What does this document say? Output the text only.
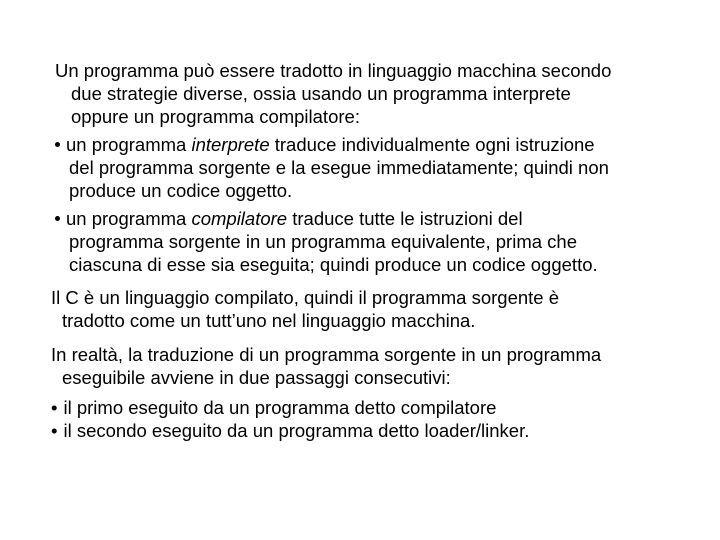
Un programma può essere tradotto in linguaggio macchina secondo
due strategie diverse, ossia usando un programma interprete
oppure un programma compilatore:

un programma interprete traduce individualmente ogni istruzione
del programma sorgente e la esegue immediatamente; quindi non
produce un codice oggetto.

un programma compilatore traduce tutte le istruzioni del
programma sorgente in un programma equivalente, prima che
ciascuna di esse sia eseguita; quindi produce un codice oggetto.

Il C è un linguaggio compilato, quindi il programma sorgente è
tradotto come un tutt’uno nel linguaggio macchina.

In realtà, la traduzione di un programma sorgente in un programma
eseguibile avviene in due passaggi consecutivi:

• il primo eseguito da un programma detto compilatore
• il secondo eseguito da un programma detto loader/linker.
